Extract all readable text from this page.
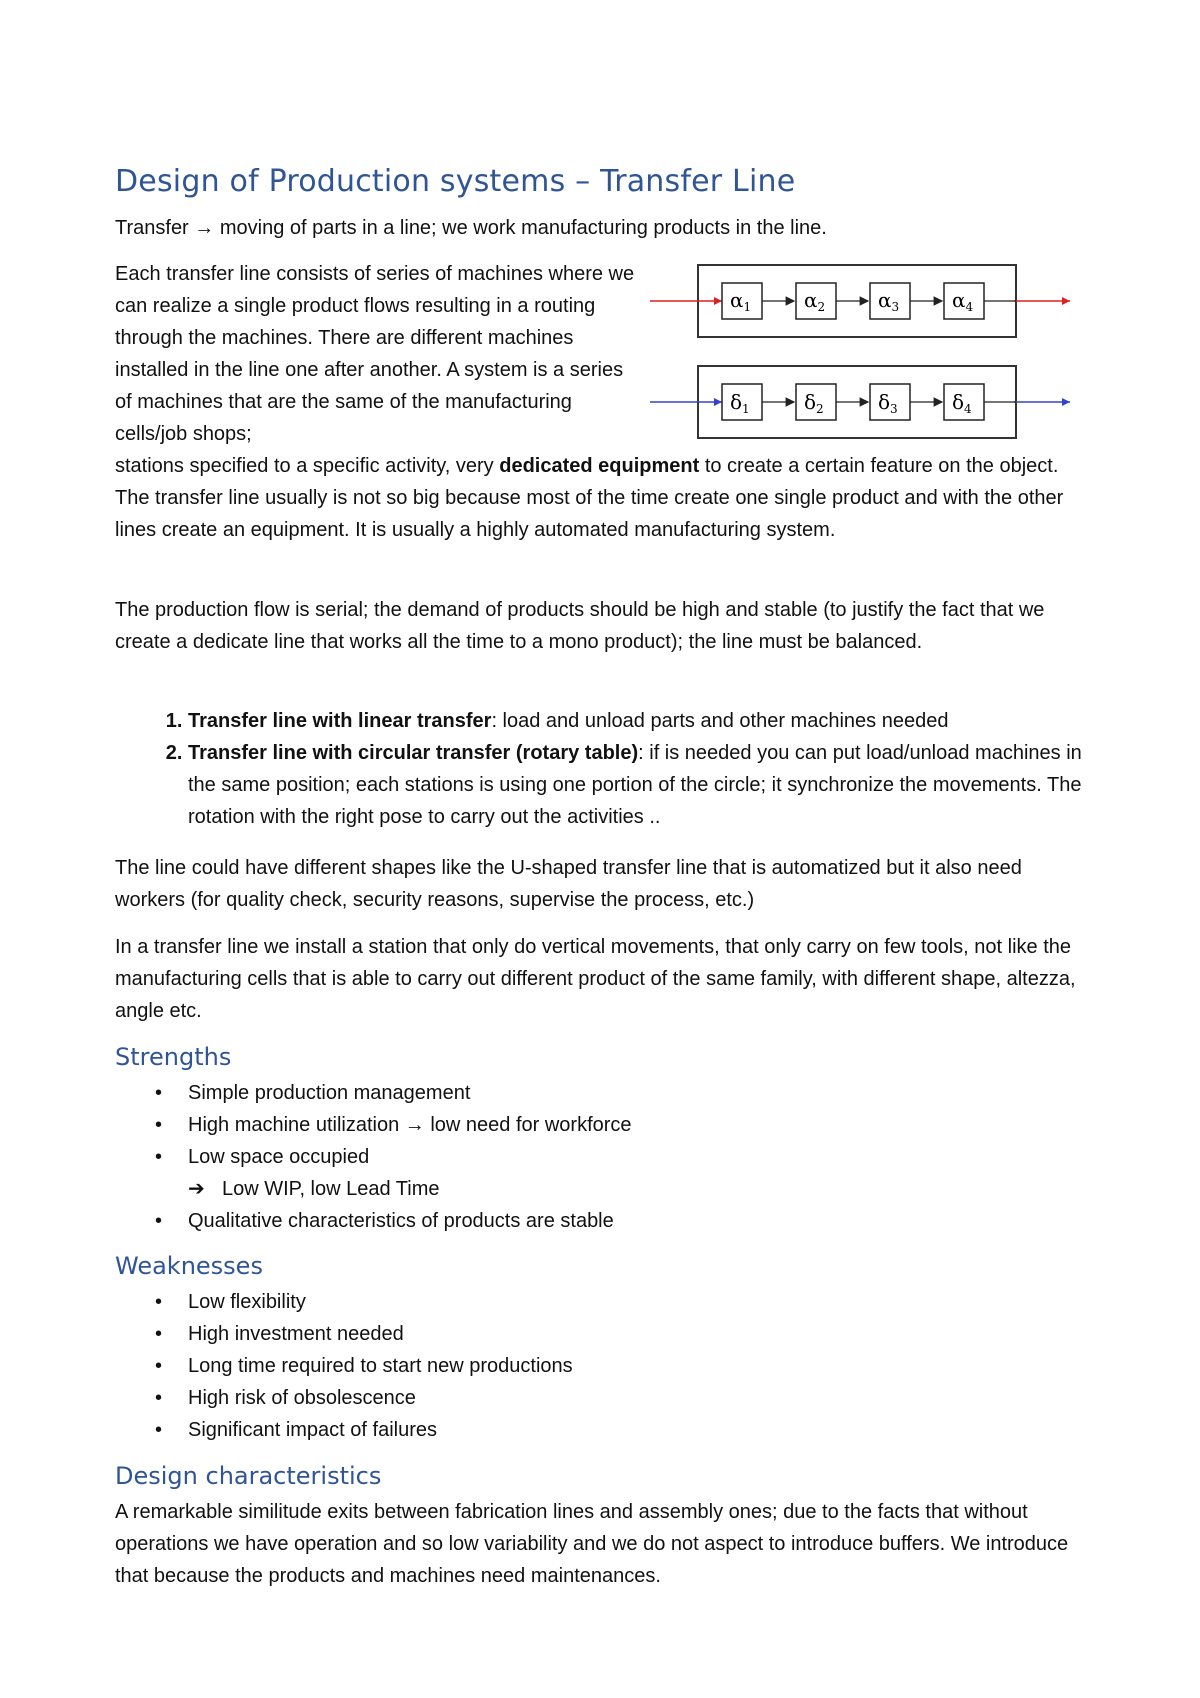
Design of Production systems – Transfer Line

Transfer → moving of parts in a line; we work manufacturing products in the line.

Each transfer line consists of series of machines where we can realize a single product flows resulting in a routing through the machines. There are different machines installed in the line one after another. A system is a series of machines that are the same of the manufacturing cells/job shops;

stations specified to a specific activity, very dedicated equipment to create a certain feature on the object. The transfer line usually is not so big because most of the time create one single product and with the other lines create an equipment. It is usually a highly automated manufacturing system.

The production flow is serial; the demand of products should be high and stable (to justify the fact that we create a dedicate line that works all the time to a mono product); the line must be balanced.

1. Transfer line with linear transfer: load and unload parts and other machines needed
2. Transfer line with circular transfer (rotary table): if is needed you can put load/unload machines in the same position; each stations is using one portion of the circle; it synchronize the movements. The rotation with the right pose to carry out the activities ..

The line could have different shapes like the U-shaped transfer line that is automatized but it also need workers (for quality check, security reasons, supervise the process, etc.)

In a transfer line we install a station that only do vertical movements, that only carry on few tools, not like the manufacturing cells that is able to carry out different product of the same family, with different shape, altezza, angle etc.

Strengths
• Simple production management
• High machine utilization → low need for workforce
• Low space occupied
➔ Low WIP, low Lead Time
• Qualitative characteristics of products are stable
Weaknesses
• Low flexibility
• High investment needed
• Long time required to start new productions
• High risk of obsolescence
• Significant impact of failures
Design characteristics

A remarkable similitude exits between fabrication lines and assembly ones; due to the facts that without operations we have operation and so low variability and we do not aspect to introduce buffers. We introduce that because the products and machines need maintenances.

$\alpha_1$	$\alpha_2$	$\alpha_3$	$\alpha_4$
$\delta_1$	$\delta_2$	$\delta_3$	$\delta_4$
